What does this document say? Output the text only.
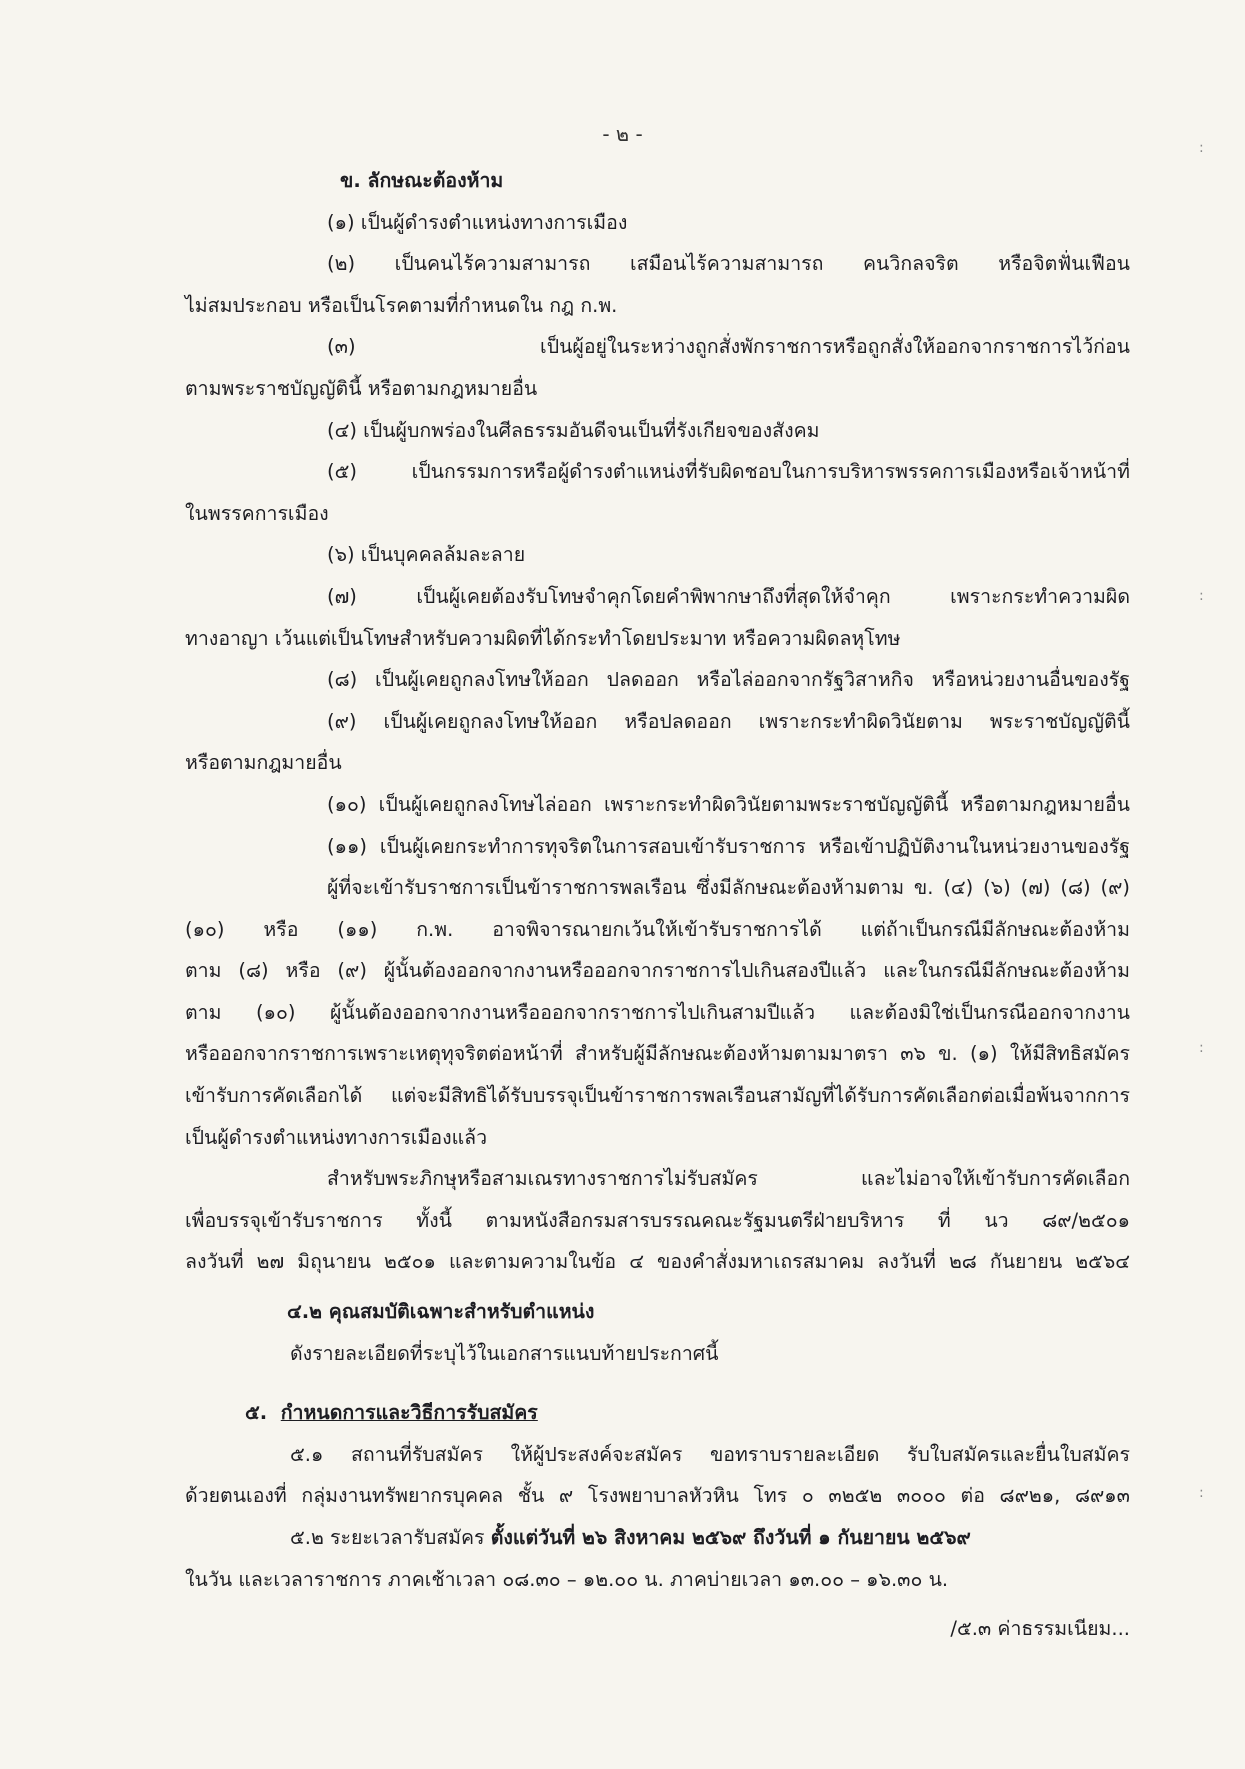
- ๒ -
ข. ลักษณะต้องห้าม
(๑) เป็นผู้ดำรงตำแหน่งทางการเมือง
(๒) เป็นคนไร้ความสามารถ เสมือนไร้ความสามารถ คนวิกลจริต หรือจิตฟั่นเฟือน
ไม่สมประกอบ หรือเป็นโรคตามที่กำหนดใน กฎ ก.พ.
(๓) เป็นผู้อยู่ในระหว่างถูกสั่งพักราชการหรือถูกสั่งให้ออกจากราชการไว้ก่อน
ตามพระราชบัญญัตินี้ หรือตามกฎหมายอื่น
(๔) เป็นผู้บกพร่องในศีลธรรมอันดีจนเป็นที่รังเกียจของสังคม
(๕) เป็นกรรมการหรือผู้ดำรงตำแหน่งที่รับผิดชอบในการบริหารพรรคการเมืองหรือเจ้าหน้าที่
ในพรรคการเมือง
(๖) เป็นบุคคลล้มละลาย
(๗) เป็นผู้เคยต้องรับโทษจำคุกโดยคำพิพากษาถึงที่สุดให้จำคุก เพราะกระทำความผิด
ทางอาญา เว้นแต่เป็นโทษสำหรับความผิดที่ได้กระทำโดยประมาท หรือความผิดลหุโทษ
(๘) เป็นผู้เคยถูกลงโทษให้ออก ปลดออก หรือไล่ออกจากรัฐวิสาหกิจ หรือหน่วยงานอื่นของรัฐ
(๙) เป็นผู้เคยถูกลงโทษให้ออก หรือปลดออก เพราะกระทำผิดวินัยตาม พระราชบัญญัตินี้
หรือตามกฎมายอื่น
(๑๐) เป็นผู้เคยถูกลงโทษไล่ออก เพราะกระทำผิดวินัยตามพระราชบัญญัตินี้ หรือตามกฎหมายอื่น
(๑๑) เป็นผู้เคยกระทำการทุจริตในการสอบเข้ารับราชการ หรือเข้าปฏิบัติงานในหน่วยงานของรัฐ
ผู้ที่จะเข้ารับราชการเป็นข้าราชการพลเรือน ซึ่งมีลักษณะต้องห้ามตาม ข. (๔) (๖) (๗) (๘) (๙)
(๑๐) หรือ (๑๑) ก.พ. อาจพิจารณายกเว้นให้เข้ารับราชการได้ แต่ถ้าเป็นกรณีมีลักษณะต้องห้าม
ตาม (๘) หรือ (๙) ผู้นั้นต้องออกจากงานหรือออกจากราชการไปเกินสองปีแล้ว และในกรณีมีลักษณะต้องห้าม
ตาม (๑๐) ผู้นั้นต้องออกจากงานหรือออกจากราชการไปเกินสามปีแล้ว และต้องมิใช่เป็นกรณีออกจากงาน
หรือออกจากราชการเพราะเหตุทุจริตต่อหน้าที่ สำหรับผู้มีลักษณะต้องห้ามตามมาตรา ๓๖ ข. (๑) ให้มีสิทธิสมัคร
เข้ารับการคัดเลือกได้ แต่จะมีสิทธิได้รับบรรจุเป็นข้าราชการพลเรือนสามัญที่ได้รับการคัดเลือกต่อเมื่อพ้นจากการ
เป็นผู้ดำรงตำแหน่งทางการเมืองแล้ว
สำหรับพระภิกษุหรือสามเณรทางราชการไม่รับสมัคร และไม่อาจให้เข้ารับการคัดเลือก
เพื่อบรรจุเข้ารับราชการ ทั้งนี้ ตามหนังสือกรมสารบรรณคณะรัฐมนตรีฝ่ายบริหาร ที่ นว ๘๙/๒๕๐๑
ลงวันที่ ๒๗ มิถุนายน ๒๕๐๑ และตามความในข้อ ๔ ของคำสั่งมหาเถรสมาคม ลงวันที่ ๒๘ กันยายน ๒๕๖๔
๔.๒ คุณสมบัติเฉพาะสำหรับตำแหน่ง
ดังรายละเอียดที่ระบุไว้ในเอกสารแนบท้ายประกาศนี้
๕. กำหนดการและวิธีการรับสมัคร
๕.๑ สถานที่รับสมัคร ให้ผู้ประสงค์จะสมัคร ขอทราบรายละเอียด รับใบสมัครและยื่นใบสมัคร
ด้วยตนเองที่ กลุ่มงานทรัพยากรบุคคล ชั้น ๙ โรงพยาบาลหัวหิน โทร ๐ ๓๒๕๒ ๓๐๐๐ ต่อ ๘๙๒๑, ๘๙๑๓
๕.๒ ระยะเวลารับสมัคร ตั้งแต่วันที่ ๒๖ สิงหาคม ๒๕๖๙ ถึงวันที่ ๑ กันยายน ๒๕๖๙
ในวัน และเวลาราชการ ภาคเช้าเวลา ๐๘.๓๐ – ๑๒.๐๐ น. ภาคบ่ายเวลา ๑๓.๐๐ – ๑๖.๓๐ น.
/๕.๓ ค่าธรรมเนียม...
:
:
:
:
